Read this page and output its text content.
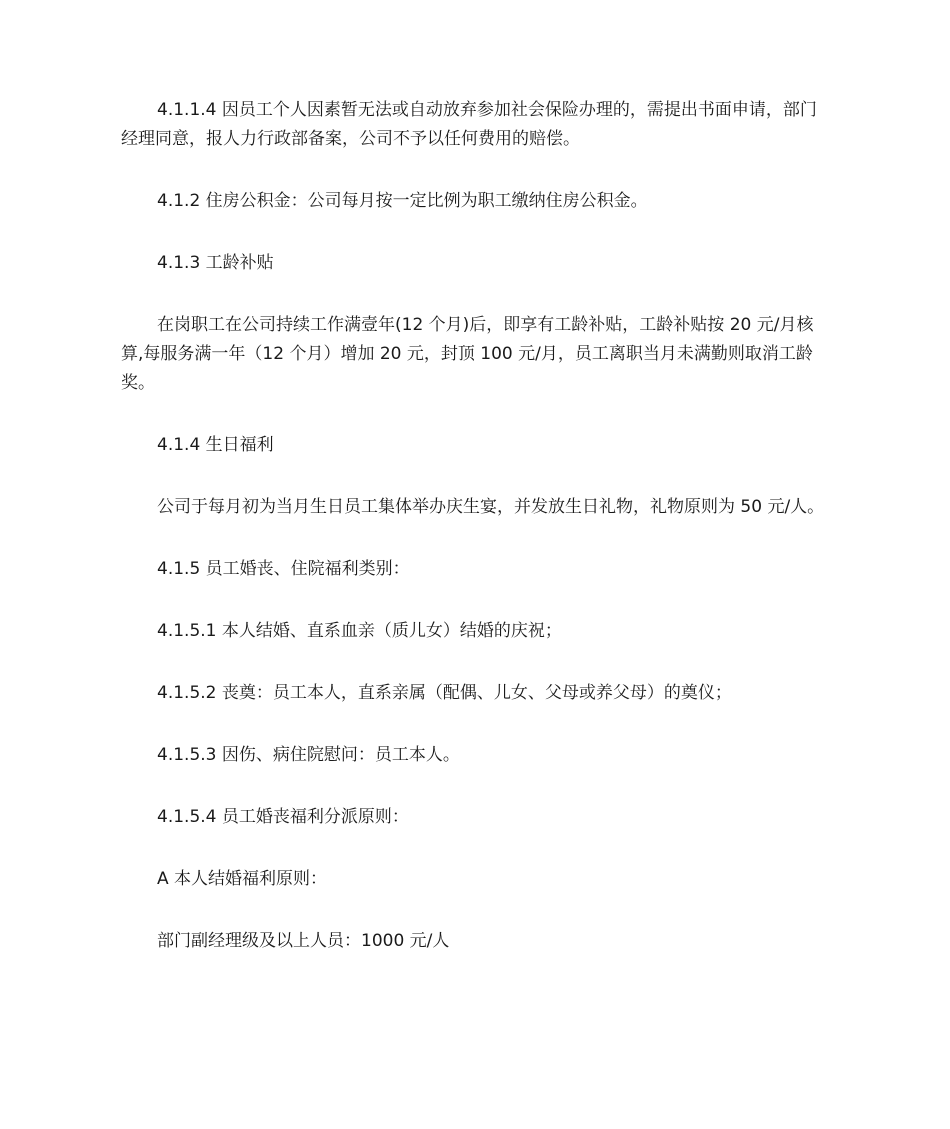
4.1.1.4 因员工个人因素暂无法或自动放弃参加社会保险办理的，需提出书面申请，部门经理同意，报人力行政部备案，公司不予以任何费用的赔偿。

4.1.2 住房公积金：公司每月按一定比例为职工缴纳住房公积金。

4.1.3 工龄补贴

在岗职工在公司持续工作满壹年(12 个月)后，即享有工龄补贴，工龄补贴按 20 元/月核算,每服务满一年（12 个月）增加 20 元，封顶 100 元/月，员工离职当月未满勤则取消工龄奖。

4.1.4 生日福利

公司于每月初为当月生日员工集体举办庆生宴，并发放生日礼物，礼物原则为 50 元/人。

4.1.5 员工婚丧、住院福利类别：

4.1.5.1 本人结婚、直系血亲（质儿女）结婚的庆祝；

4.1.5.2 丧奠：员工本人，直系亲属（配偶、儿女、父母或养父母）的奠仪；

4.1.5.3 因伤、病住院慰问：员工本人。

4.1.5.4 员工婚丧福利分派原则：

A 本人结婚福利原则：

部门副经理级及以上人员：1000 元/人
